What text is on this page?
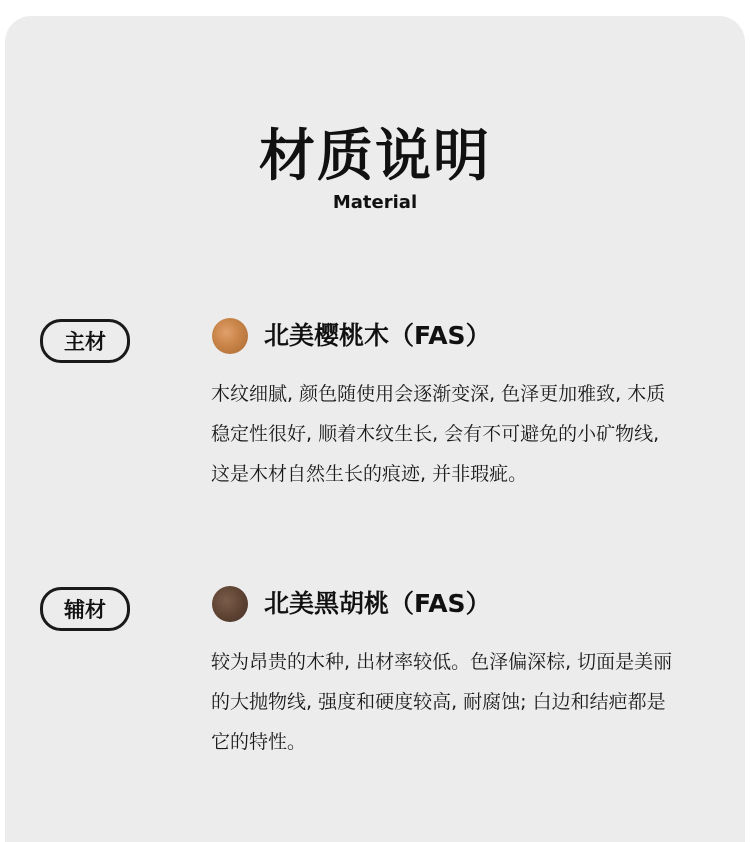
材质说明
Material
主材	北美樱桃木（FAS）
木纹细腻, 颜色随使用会逐渐变深, 色泽更加雅致, 木质
稳定性很好, 顺着木纹生长, 会有不可避免的小矿物线,
这是木材自然生长的痕迹, 并非瑕疵。
辅材	北美黑胡桃（FAS）
较为昂贵的木种, 出材率较低。色泽偏深棕, 切面是美丽
的大抛物线, 强度和硬度较高, 耐腐蚀; 白边和结疤都是
它的特性。
